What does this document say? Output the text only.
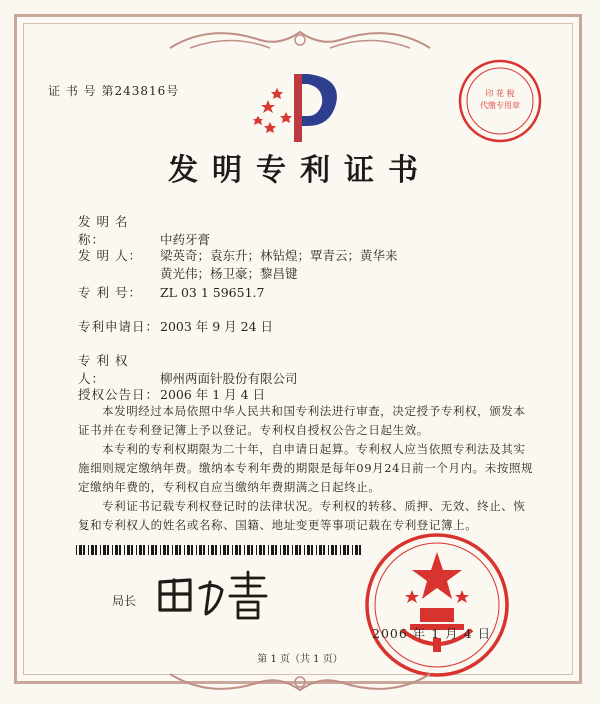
证 书 号 第243816号	印 花 税
代缴专用章
发明专利证书
发 明 名 称：	中药牙膏
发 明 人： 梁英奇；袁东升；林钻煌；覃青云；黄华来
黄光伟；杨卫豪；黎昌键
专 利 号： ZL 03 1 59651.7
专利申请日：2003 年 9 月 24 日
专 利 权 人：	柳州两面针股份有限公司
授权公告日：2006 年 1 月 4 日

本发明经过本局依照中华人民共和国专利法进行审查，决定授予专利权，颁发本证书并在专利登记簿上予以登记。专利权自授权公告之日起生效。

本专利的专利权期限为二十年，自申请日起算。专利权人应当依照专利法及其实施细则规定缴纳年费。缴纳本专利年费的期限是每年09月24日前一个月内。未按照规定缴纳年费的，专利权自应当缴纳年费期满之日起终止。

专利证书记载专利权登记时的法律状况。专利权的转移、质押、无效、终止、恢复和专利权人的姓名或名称、国籍、地址变更等事项记载在专利登记簿上。

局长
2006 年 1 月 4 日
第 1 页（共 1 页）
